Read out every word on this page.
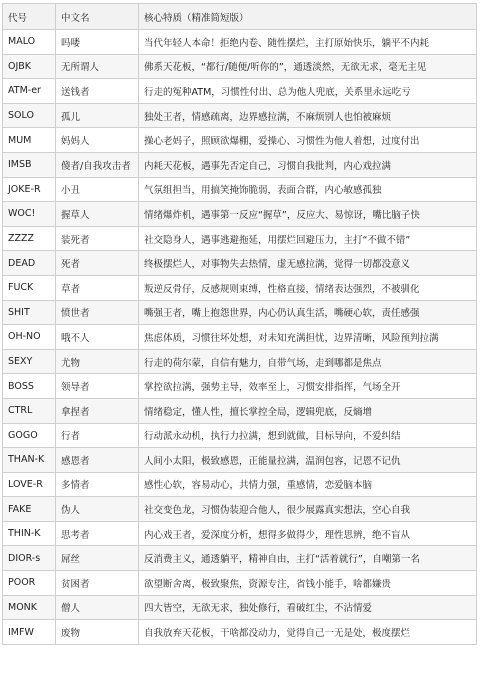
代号	中文名	核心特质（精准简短版）
MALO	吗喽	当代年轻人本命！拒绝内卷、随性摆烂，主打原始快乐，躺平不内耗
OJBK	无所谓人	佛系天花板，“都行/随便/听你的”，通透淡然，无欲无求，毫无主见
ATM-er	送钱者	行走的冤种ATM，习惯性付出、总为他人兜底，关系里永远吃亏
SOLO	孤儿	独处王者，情感疏离，边界感拉满，不麻烦别人也怕被麻烦
MUM	妈妈人	操心老妈子，照顾欲爆棚，爱操心、习惯性为他人着想，过度付出
IMSB	傻者/自我攻击者	内耗天花板，遇事先否定自己，习惯自我批判，内心戏拉满
JOKE-R	小丑	气氛组担当，用搞笑掩饰脆弱，表面合群，内心敏感孤独
WOC!	握草人	情绪爆炸机，遇事第一反应“握草”，反应大、易惊讶，嘴比脑子快
ZZZZ	装死者	社交隐身人，遇事逃避拖延，用摆烂回避压力，主打“不做不错”
DEAD	死者	终极摆烂人，对事物失去热情，虚无感拉满，觉得一切都没意义
FUCK	草者	叛逆反骨仔，反感规则束缚，性格直接，情绪表达强烈，不被驯化
SHIT	愤世者	嘴强王者，嘴上抱怨世界，内心仍认真生活，嘴硬心软，责任感强
OH-NO	哦不人	焦虑体质，习惯往坏处想，对未知充满担忧，边界清晰，风险预判拉满
SEXY	尤物	行走的荷尔蒙，自信有魅力，自带气场，走到哪都是焦点
BOSS	领导者	掌控欲拉满，强势主导，效率至上，习惯安排指挥，气场全开
CTRL	拿捏者	情绪稳定，懂人性，擅长掌控全局，逻辑兜底，反熵增
GOGO	行者	行动派永动机，执行力拉满，想到就做，目标导向，不爱纠结
THAN-K	感恩者	人间小太阳，极致感恩，正能量拉满，温润包容，记恩不记仇
LOVE-R	多情者	感性心软，容易动心，共情力强，重感情，恋爱脑本脑
FAKE	伪人	社交变色龙，习惯伪装迎合他人，很少展露真实想法，空心自我
THIN-K	思考者	内心戏王者，爱深度分析，想得多做得少，理性思辨，绝不盲从
DIOR-s	屌丝	反消费主义，通透躺平，精神自由，主打“活着就行”，自嘲第一名
POOR	贫困者	欲望断舍离，极致聚焦，资源专注，省钱小能手，啥都嫌贵
MONK	僧人	四大皆空，无欲无求，独处修行，看破红尘，不沾情爱
IMFW	废物	自我放弃天花板，干啥都没动力，觉得自己一无是处，极度摆烂
